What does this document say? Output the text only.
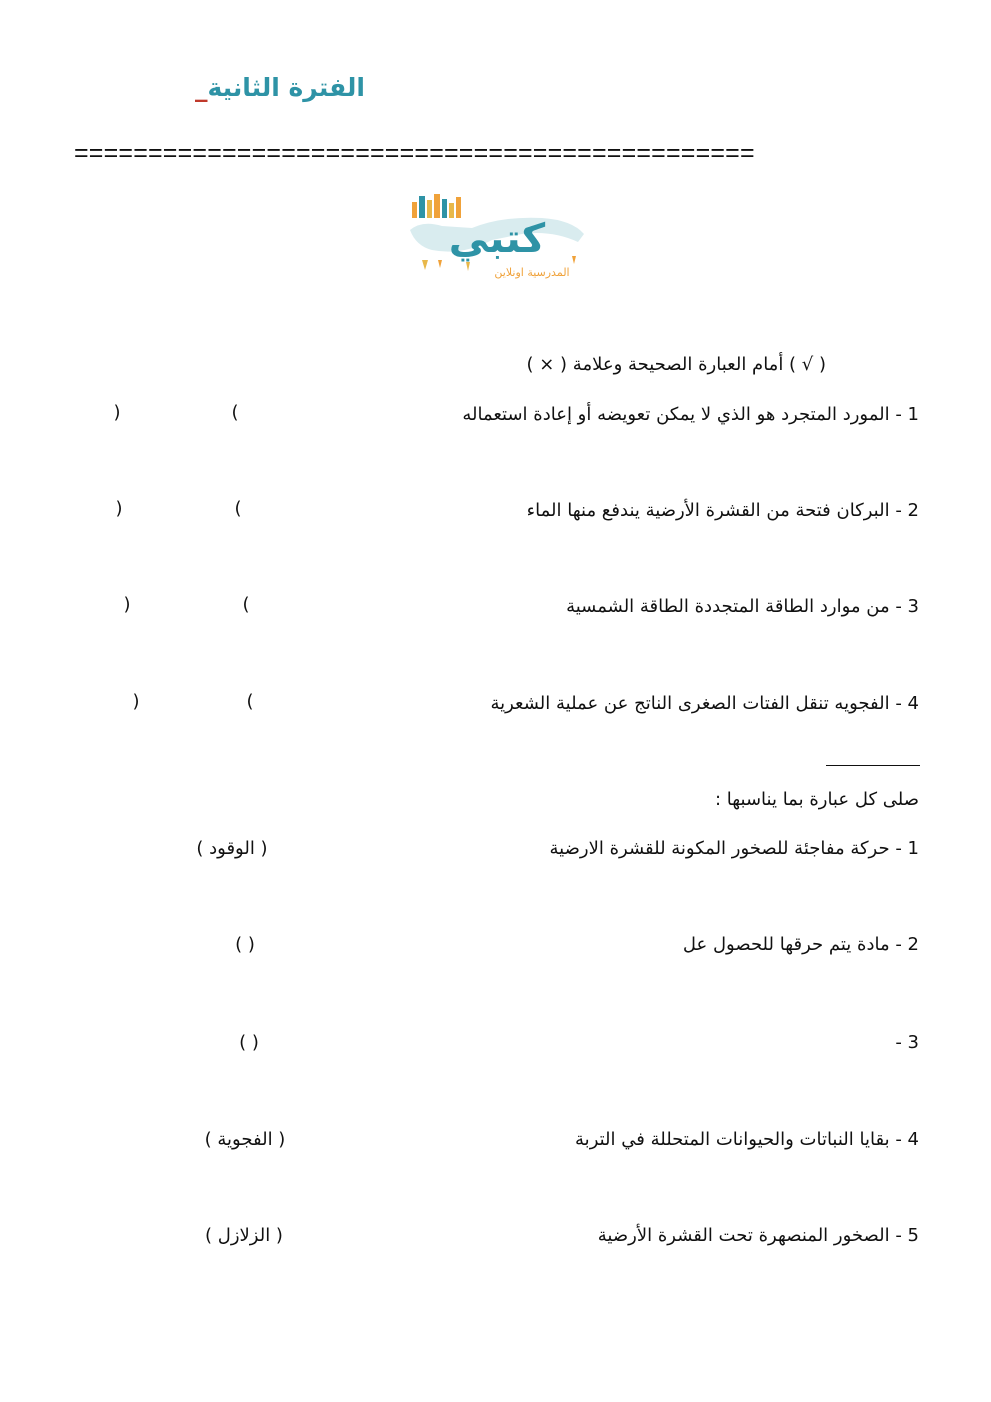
الفترة الثانية_
==============================================
كتبي
المدرسية اونلاين
( √ ) أمام العبارة الصحيحة وعلامة ( × )
1 - المورد المتجرد هو الذي لا يمكن تعويضه أو إعادة استعماله
(
)
2 - البركان فتحة من القشرة الأرضية يندفع منها الماء
(
)
3 - من موارد الطاقة المتجددة الطاقة الشمسية
(
)
4 - الفجويه تنقل الفتات الصغرى الناتج عن عملية الشعرية
(
)
صلى كل عبارة بما يناسبها :
1 - حركة مفاجئة للصخور المكونة للقشرة الارضية
( الوقود )
2 - مادة يتم حرقها للحصول عل
( )
3 -
( )
4 - بقايا النباتات والحيوانات المتحللة في التربة
( الفجوية )
5 - الصخور المنصهرة تحت القشرة الأرضية
( الزلازل )
